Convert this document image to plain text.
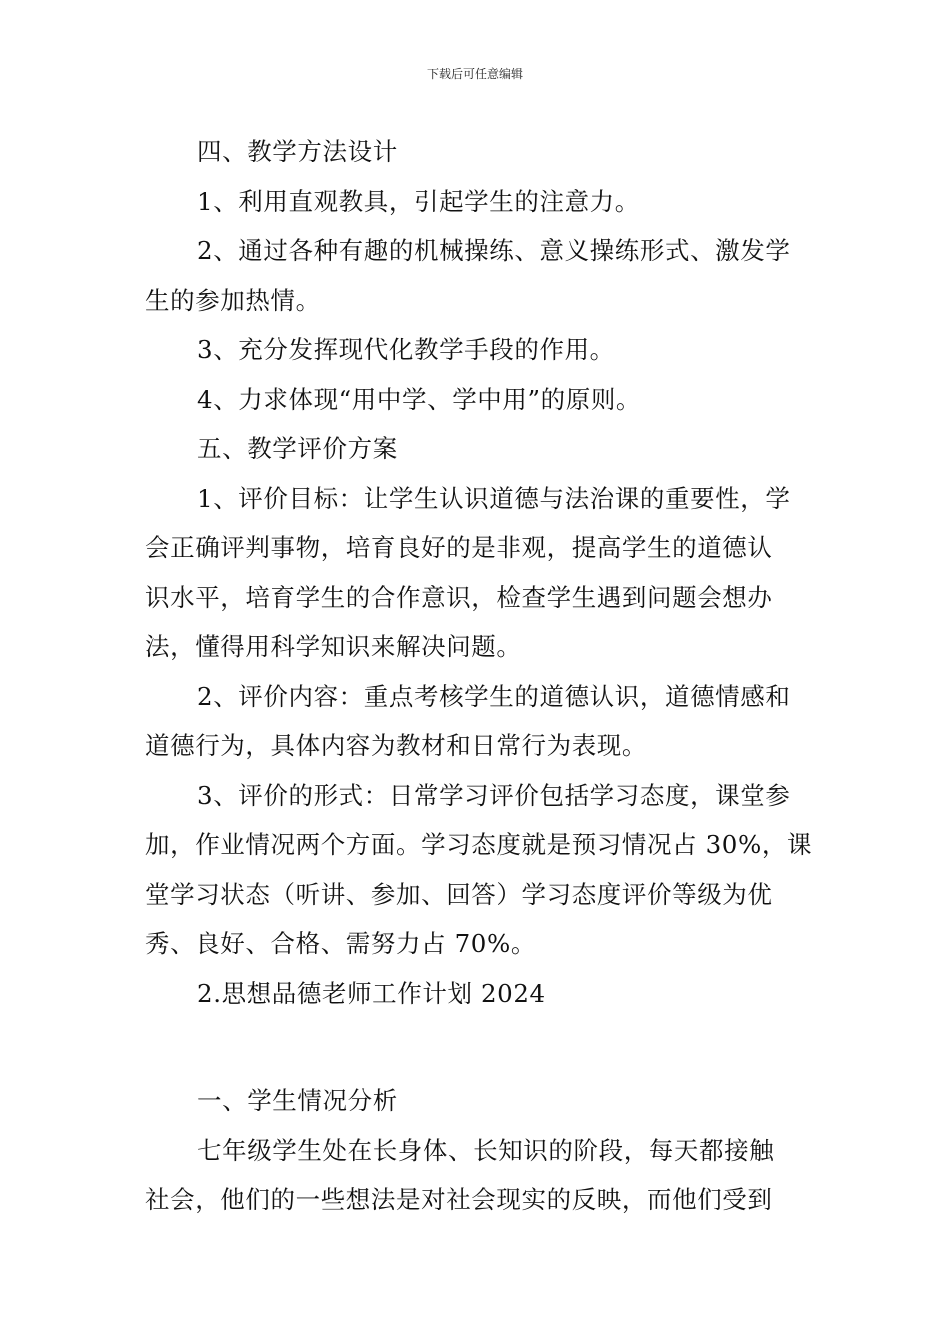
下载后可任意编辑
四、教学方法设计
1、利用直观教具，引起学生的注意力。
2、通过各种有趣的机械操练、意义操练形式、激发学
生的参加热情。
3、充分发挥现代化教学手段的作用。
4、力求体现“用中学、学中用”的原则。
五、教学评价方案
1、评价目标：让学生认识道德与法治课的重要性，学
会正确评判事物，培育良好的是非观，提高学生的道德认
识水平，培育学生的合作意识，检查学生遇到问题会想办
法，懂得用科学知识来解决问题。
2、评价内容：重点考核学生的道德认识，道德情感和
道德行为，具体内容为教材和日常行为表现。
3、评价的形式：日常学习评价包括学习态度，课堂参
加，作业情况两个方面。学习态度就是预习情况占 30%，课
堂学习状态（听讲、参加、回答）学习态度评价等级为优
秀、良好、合格、需努力占 70%。
2.思想品德老师工作计划 2024
一、学生情况分析
七年级学生处在长身体、长知识的阶段，每天都接触
社会，他们的一些想法是对社会现实的反映，而他们受到
